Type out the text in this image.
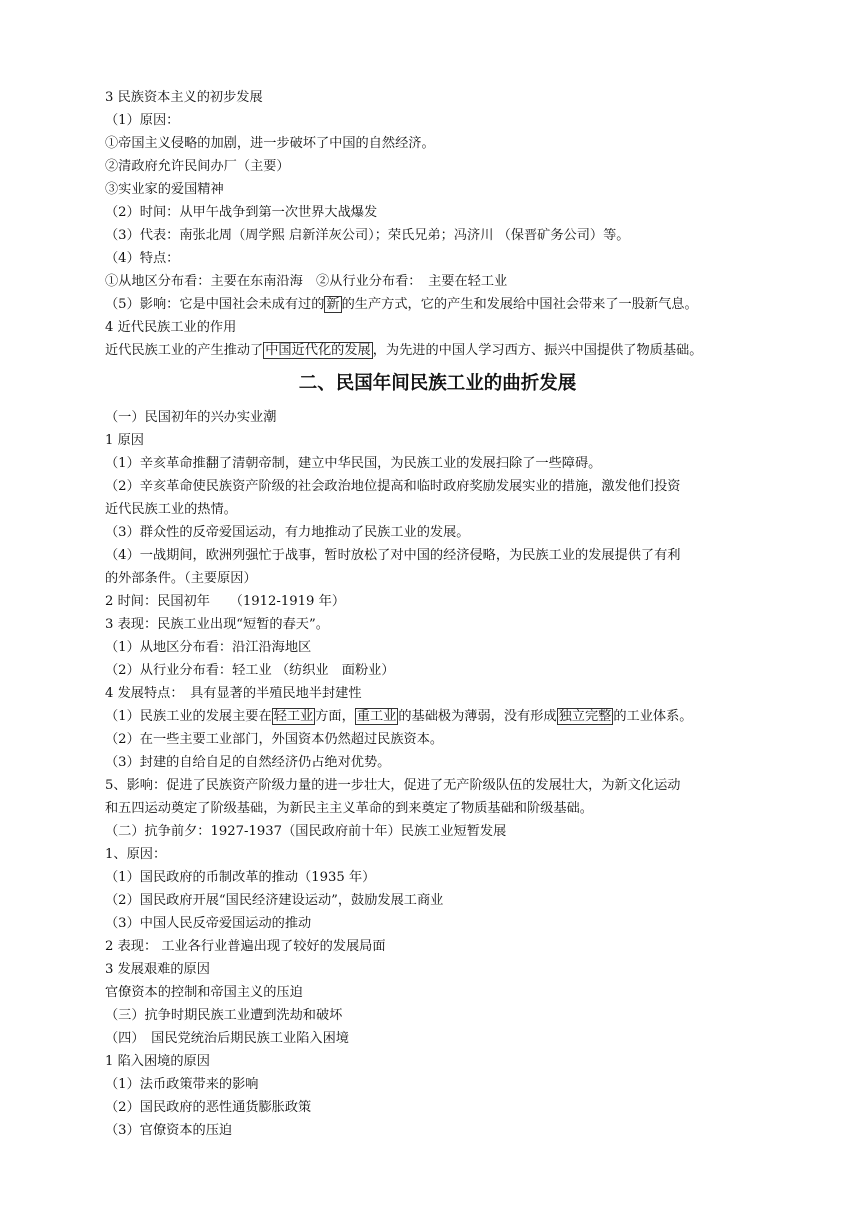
3 民族资本主义的初步发展
（1）原因：
①帝国主义侵略的加剧，进一步破坏了中国的自然经济。
②清政府允许民间办厂（主要）
③实业家的爱国精神
（2）时间：从甲午战争到第一次世界大战爆发
（3）代表：南张北周（周学熙 启新洋灰公司）；荣氏兄弟；冯济川 （保晋矿务公司）等。
（4）特点：
①从地区分布看：主要在东南沿海　②从行业分布看：　主要在轻工业
（5）影响：它是中国社会未成有过的 新 的生产方式，它的产生和发展给中国社会带来了一股新气息。
4 近代民族工业的作用
近代民族工业的产生推动了 中国近代化的发展 ，为先进的中国人学习西方、振兴中国提供了物质基础。
二、民国年间民族工业的曲折发展
（一）民国初年的兴办实业潮
1 原因
（1）辛亥革命推翻了清朝帝制，建立中华民国，为民族工业的发展扫除了一些障碍。
（2）辛亥革命使民族资产阶级的社会政治地位提高和临时政府奖励发展实业的措施，激发他们投资
近代民族工业的热情。
（3）群众性的反帝爱国运动，有力地推动了民族工业的发展。
（4）一战期间，欧洲列强忙于战事，暂时放松了对中国的经济侵略，为民族工业的发展提供了有利
的外部条件。（主要原因）
2 时间：民国初年　　（1912-1919 年）
3 表现：民族工业出现“短暂的春天”。
（1）从地区分布看：沿江沿海地区
（2）从行业分布看：轻工业 （纺织业　面粉业）
4 发展特点：　具有显著的半殖民地半封建性
（1）民族工业的发展主要在 轻工业 方面， 重工业 的基础极为薄弱，没有形成 独立完整 的工业体系。
（2）在一些主要工业部门，外国资本仍然超过民族资本。
（3）封建的自给自足的自然经济仍占绝对优势。
5、影响：促进了民族资产阶级力量的进一步壮大，促进了无产阶级队伍的发展壮大，为新文化运动
和五四运动奠定了阶级基础，为新民主主义革命的到来奠定了物质基础和阶级基础。
（二）抗争前夕：1927-1937（国民政府前十年）民族工业短暂发展
1、原因：
（1）国民政府的币制改革的推动（1935 年）
（2）国民政府开展“国民经济建设运动”，鼓励发展工商业
（3）中国人民反帝爱国运动的推动
2 表现： 工业各行业普遍出现了较好的发展局面
3 发展艰难的原因
官僚资本的控制和帝国主义的压迫
（三）抗争时期民族工业遭到洗劫和破坏
（四）　国民党统治后期民族工业陷入困境
1 陷入困境的原因
（1）法币政策带来的影响
（2）国民政府的恶性通货膨胀政策
（3）官僚资本的压迫
